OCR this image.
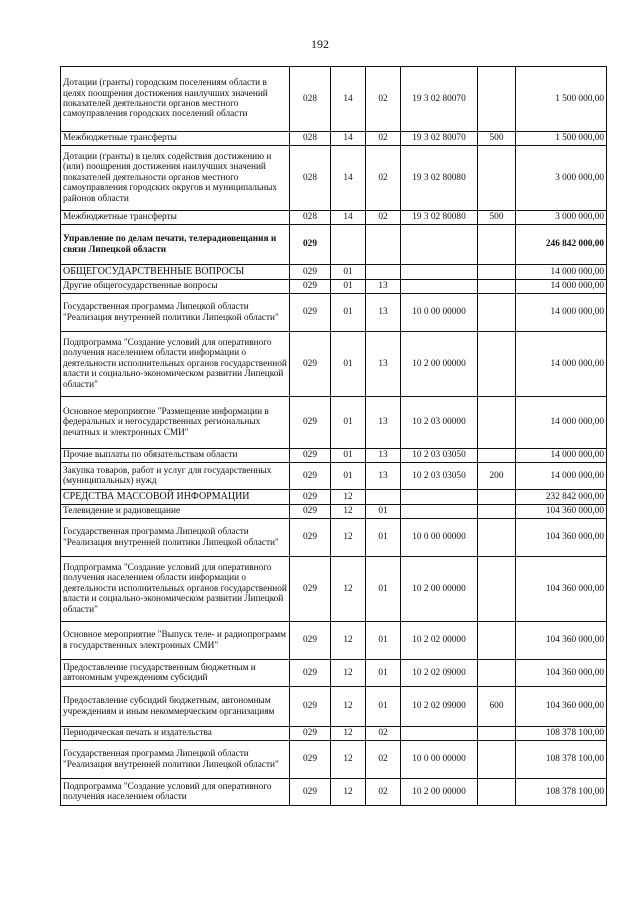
192
Дотации (гранты) городским поселениям области в целях поощрения достижения наилучших значений показателей деятельности органов местного самоуправления городских поселений области	028	14	02	19 3 02 80070		1 500 000,00
Межбюджетные трансферты	028	14	02	19 3 02 80070	500	1 500 000,00
Дотации (гранты) в целях содействия достижению и (или) поощрения достижения наилучших значений показателей деятельности органов местного самоуправления городских округов и муниципальных районов области	028	14	02	19 3 02 80080		3 000 000,00
Межбюджетные трансферты	028	14	02	19 3 02 80080	500	3 000 000,00
Управление по делам печати, телерадиовещания и связи Липецкой области	029					246 842 000,00
ОБЩЕГОСУДАРСТВЕННЫЕ ВОПРОСЫ	029	01				14 000 000,00
Другие общегосударственные вопросы	029	01	13			14 000 000,00
Государственная программа Липецкой области "Реализация внутренней политики Липецкой области"	029	01	13	10 0 00 00000		14 000 000,00
Подпрограмма "Создание условий для оперативного получения населением области информации о деятельности исполнительных органов государственной власти и социально-экономическом развитии Липецкой области"	029	01	13	10 2 00 00000		14 000 000,00
Основное мероприятие "Размещение информации в федеральных и негосударственных региональных печатных и электронных СМИ"	029	01	13	10 2 03 00000		14 000 000,00
Прочие выплаты по обязательствам области	029	01	13	10 2 03 03050		14 000 000,00
Закупка товаров, работ и услуг для государственных (муниципальных) нужд	029	01	13	10 2 03 03050	200	14 000 000,00
СРЕДСТВА МАССОВОЙ ИНФОРМАЦИИ	029	12				232 842 000,00
Телевидение и радиовещание	029	12	01			104 360 000,00
Государственная программа Липецкой области "Реализация внутренней политики Липецкой области"	029	12	01	10 0 00 00000		104 360 000,00
Подпрограмма "Создание условий для оперативного получения населением области информации о деятельности исполнительных органов государственной власти и социально-экономическом развитии Липецкой области"	029	12	01	10 2 00 00000		104 360 000,00
Основное мероприятие "Выпуск теле- и радиопрограмм в государственных электронных СМИ"	029	12	01	10 2 02 00000		104 360 000,00
Предоставление государственным бюджетным и автономным учреждениям субсидий	029	12	01	10 2 02 09000		104 360 000,00
Предоставление субсидий бюджетным, автономным учреждениям и иным некоммерческим организациям	029	12	01	10 2 02 09000	600	104 360 000,00
Периодическая печать и издательства	029	12	02			108 378 100,00
Государственная программа Липецкой области "Реализация внутренней политики Липецкой области"	029	12	02	10 0 00 00000		108 378 100,00
Подпрограмма "Создание условий для оперативного получения населением области	029	12	02	10 2 00 00000		108 378 100,00
